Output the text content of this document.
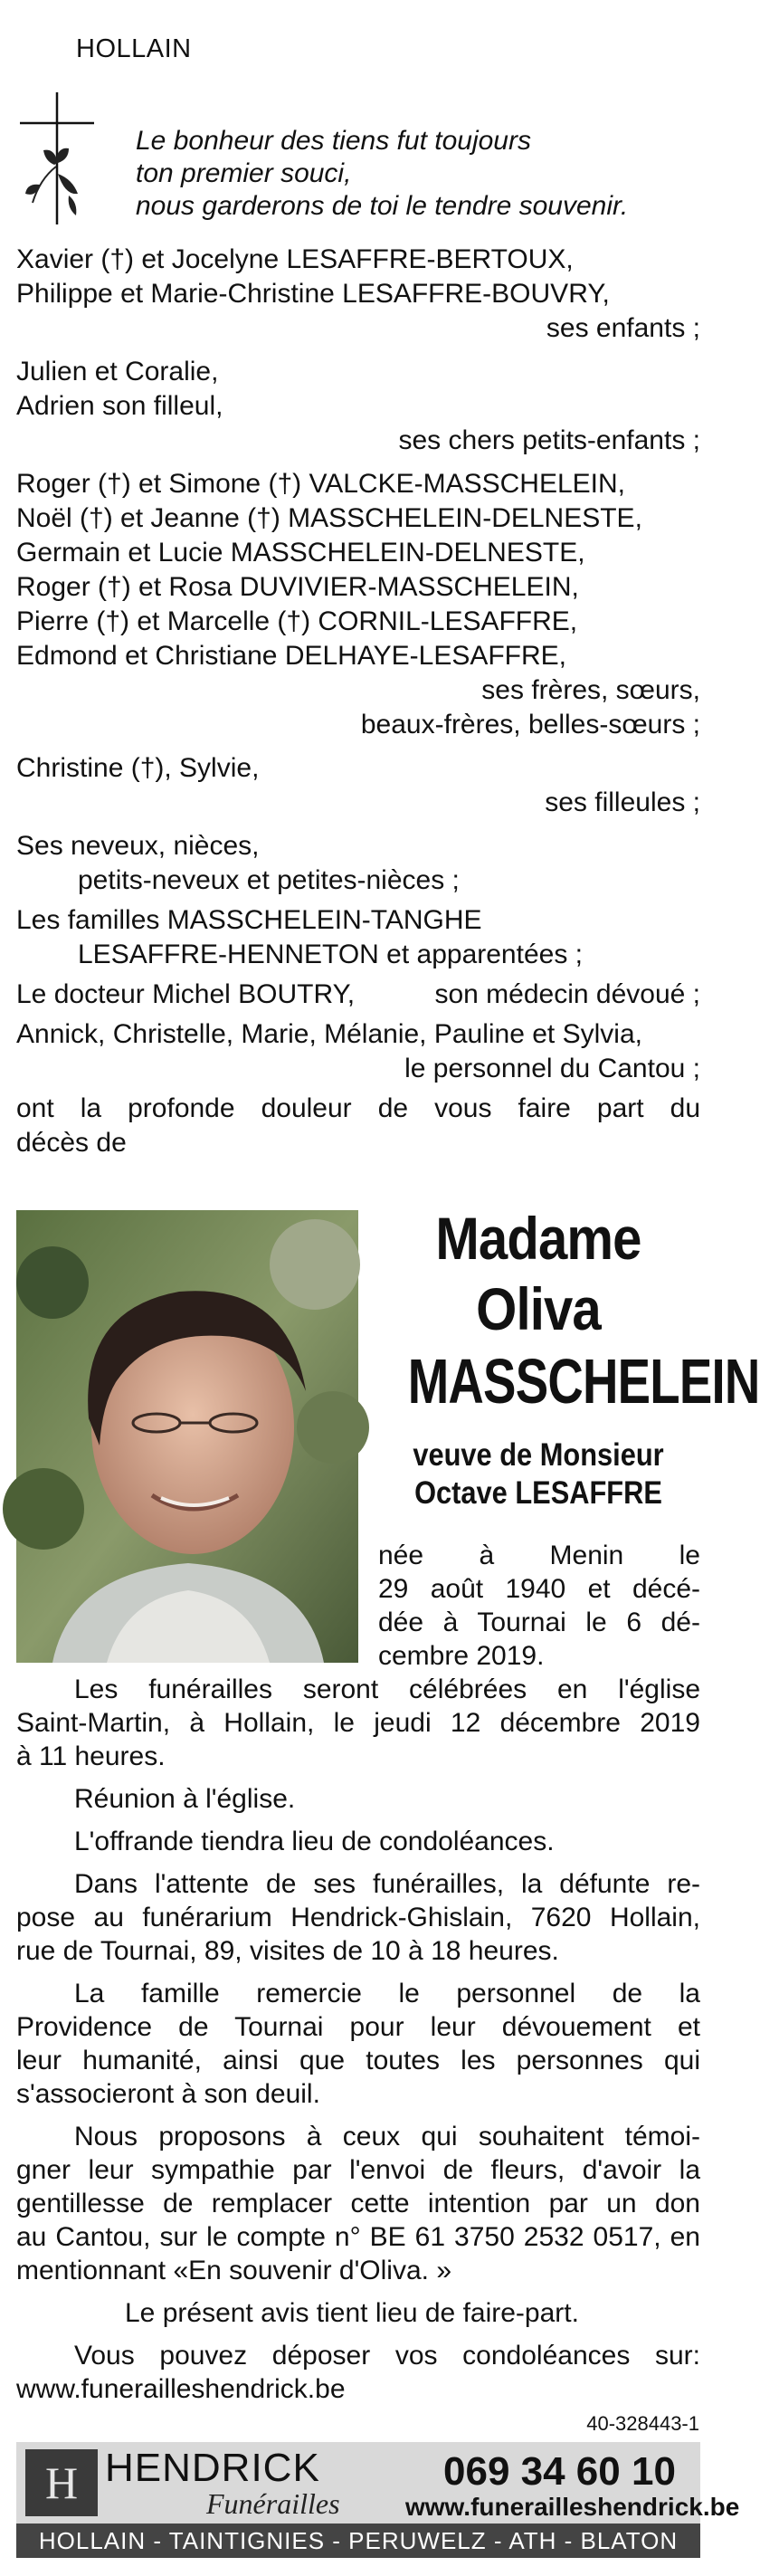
HOLLAIN
Le bonheur des tiens fut toujours
ton premier souci,
nous garderons de toi le tendre souvenir.
Xavier (†) et Jocelyne LESAFFRE-BERTOUX,
Philippe et Marie-Christine LESAFFRE-BOUVRY,
ses enfants ;
Julien et Coralie,
Adrien son filleul,
ses chers petits-enfants ;
Roger (†) et Simone (†) VALCKE-MASSCHELEIN,
Noël (†) et Jeanne (†) MASSCHELEIN-DELNESTE,
Germain et Lucie MASSCHELEIN-DELNESTE,
Roger (†) et Rosa DUVIVIER-MASSCHELEIN,
Pierre (†) et Marcelle (†) CORNIL-LESAFFRE,
Edmond et Christiane DELHAYE-LESAFFRE,
ses frères, sœurs,
beaux-frères, belles-sœurs ;
Christine (†), Sylvie,
ses filleules ;
Ses neveux, nièces,
petits-neveux et petites-nièces ;
Les familles MASSCHELEIN-TANGHE
LESAFFRE-HENNETON et apparentées ;
Le docteur Michel BOUTRY,	son médecin dévoué ;
Annick, Christelle, Marie, Mélanie, Pauline et Sylvia,
le personnel du Cantou ;
ont la profonde douleur de vous faire part du
décès de
Madame
Oliva
MASSCHELEIN
veuve de Monsieur
Octave LESAFFRE
née à Menin le
29 août 1940 et décé-
dée à Tournai le 6 dé-
cembre 2019.
Les funérailles seront célébrées en l'église
Saint-Martin, à Hollain, le jeudi 12 décembre 2019
à 11 heures.
Réunion à l'église.
L'offrande tiendra lieu de condoléances.
Dans l'attente de ses funérailles, la défunte re-
pose au funérarium Hendrick-Ghislain, 7620 Hollain,
rue de Tournai, 89, visites de 10 à 18 heures.
La famille remercie le personnel de la
Providence de Tournai pour leur dévouement et
leur humanité, ainsi que toutes les personnes qui
s'associeront à son deuil.
Nous proposons à ceux qui souhaitent témoi-
gner leur sympathie par l'envoi de fleurs, d'avoir la
gentillesse de remplacer cette intention par un don
au Cantou, sur le compte n° BE 61 3750 2532 0517, en
mentionnant «En souvenir d'Oliva. »
Le présent avis tient lieu de faire-part.
Vous pouvez déposer vos condoléances sur:
www.funerailleshendrick.be
40-328443-1
H HENDRICK
Funérailles
069 34 60 10
www.funerailleshendrick.be
HOLLAIN - TAINTIGNIES - PERUWELZ - ATH - BLATON
